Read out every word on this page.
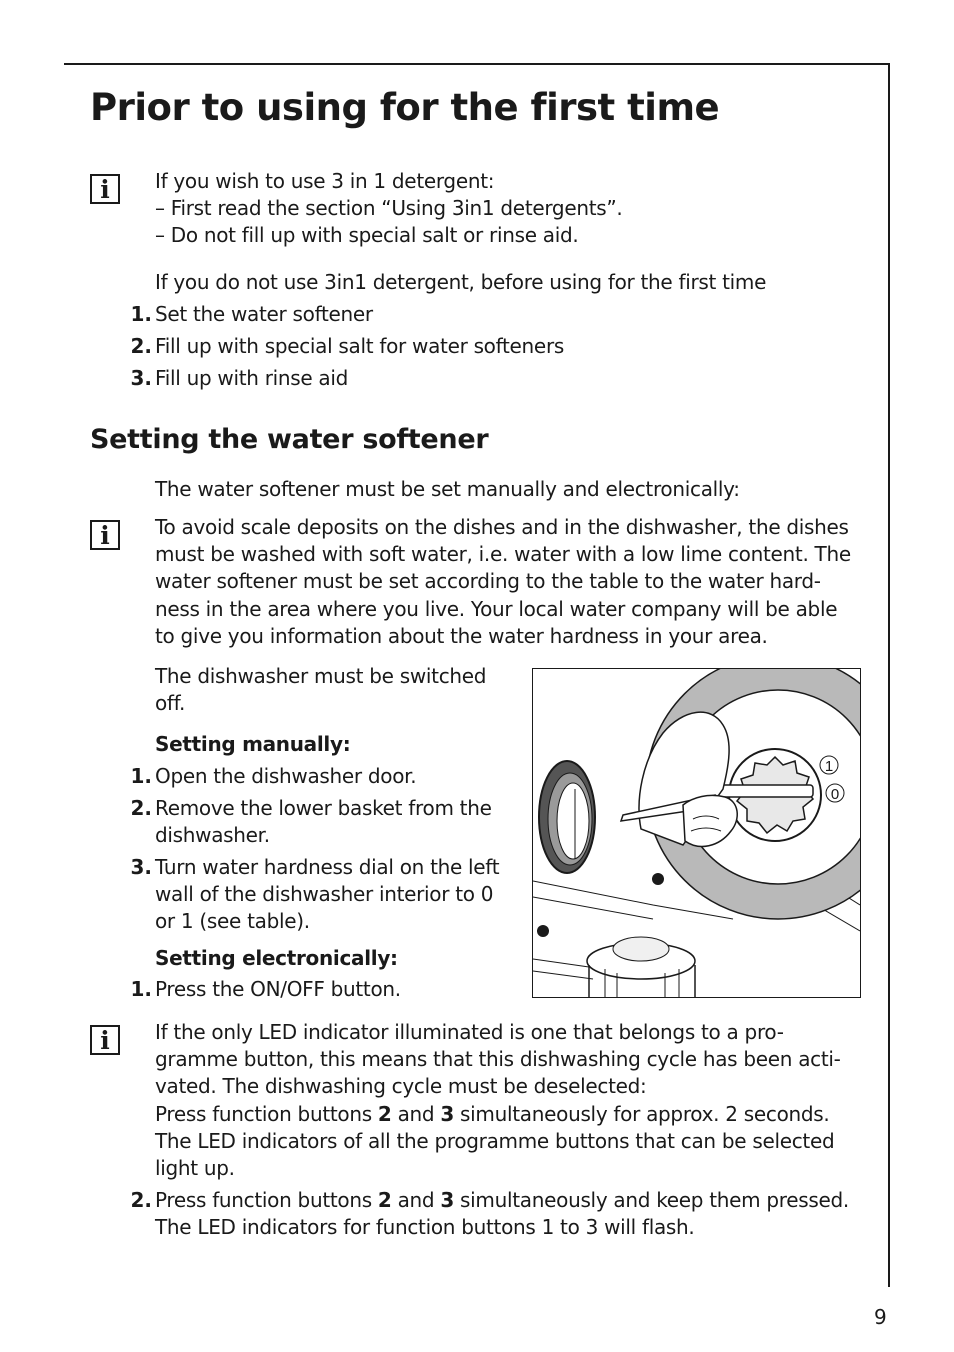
Prior to using for the first time
i If you wish to use 3 in 1 detergent:
– First read the section “Using 3in1 detergents”.
– Do not fill up with special salt or rinse aid.
If you do not use 3in1 detergent, before using for the first time
1. Set the water softener
2. Fill up with special salt for water softeners
3. Fill up with rinse aid
Setting the water softener
The water softener must be set manually and electronically:
i To avoid scale deposits on the dishes and in the dishwasher, the dishes
must be washed with soft water, i.e. water with a low lime content. The
water softener must be set according to the table to the water hard-
ness in the area where you live. Your local water company will be able
to give you information about the water hardness in your area.
The dishwasher must be switched
off.
Setting manually:
1. Open the dishwasher door.
2. Remove the lower basket from the
dishwasher.
3. Turn water hardness dial on the left
wall of the dishwasher interior to 0
or 1 (see table).
Setting electronically:
1. Press the ON/OFF button.
1
0
i If the only LED indicator illuminated is one that belongs to a pro-
gramme button, this means that this dishwashing cycle has been acti-
vated. The dishwashing cycle must be deselected:
Press function buttons 2 and 3 simultaneously for approx. 2 seconds.
The LED indicators of all the programme buttons that can be selected
light up.
2. Press function buttons 2 and 3 simultaneously and keep them pressed.
The LED indicators for function buttons 1 to 3 will flash.
9
